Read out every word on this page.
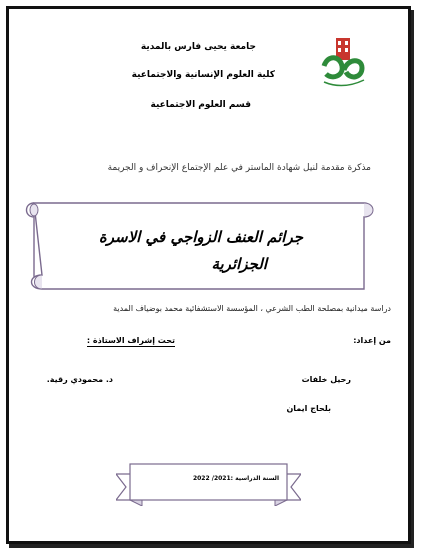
جامعة يحيى فارس بالمدية
كلية العلوم الإنسانية والاجتماعية
قسم العلوم الاجتماعية
مذكرة مقدمة لنيل شهادة الماستر في علم الإجتماع الإنحراف و الجريمة
جرائم العنف الزواجي في الاسرة
الجزائرية
دراسة ميدانية بمصلحة الطب الشرعي ، المؤسسة الاستشفائية محمد بوضياف المدية
من إعداد:
تحت إشراف الاستاذة :
رحيل خلفات
بلحاج ايمان
د. محمودي رقية.
السنة الدراسية :2021/ 2022
